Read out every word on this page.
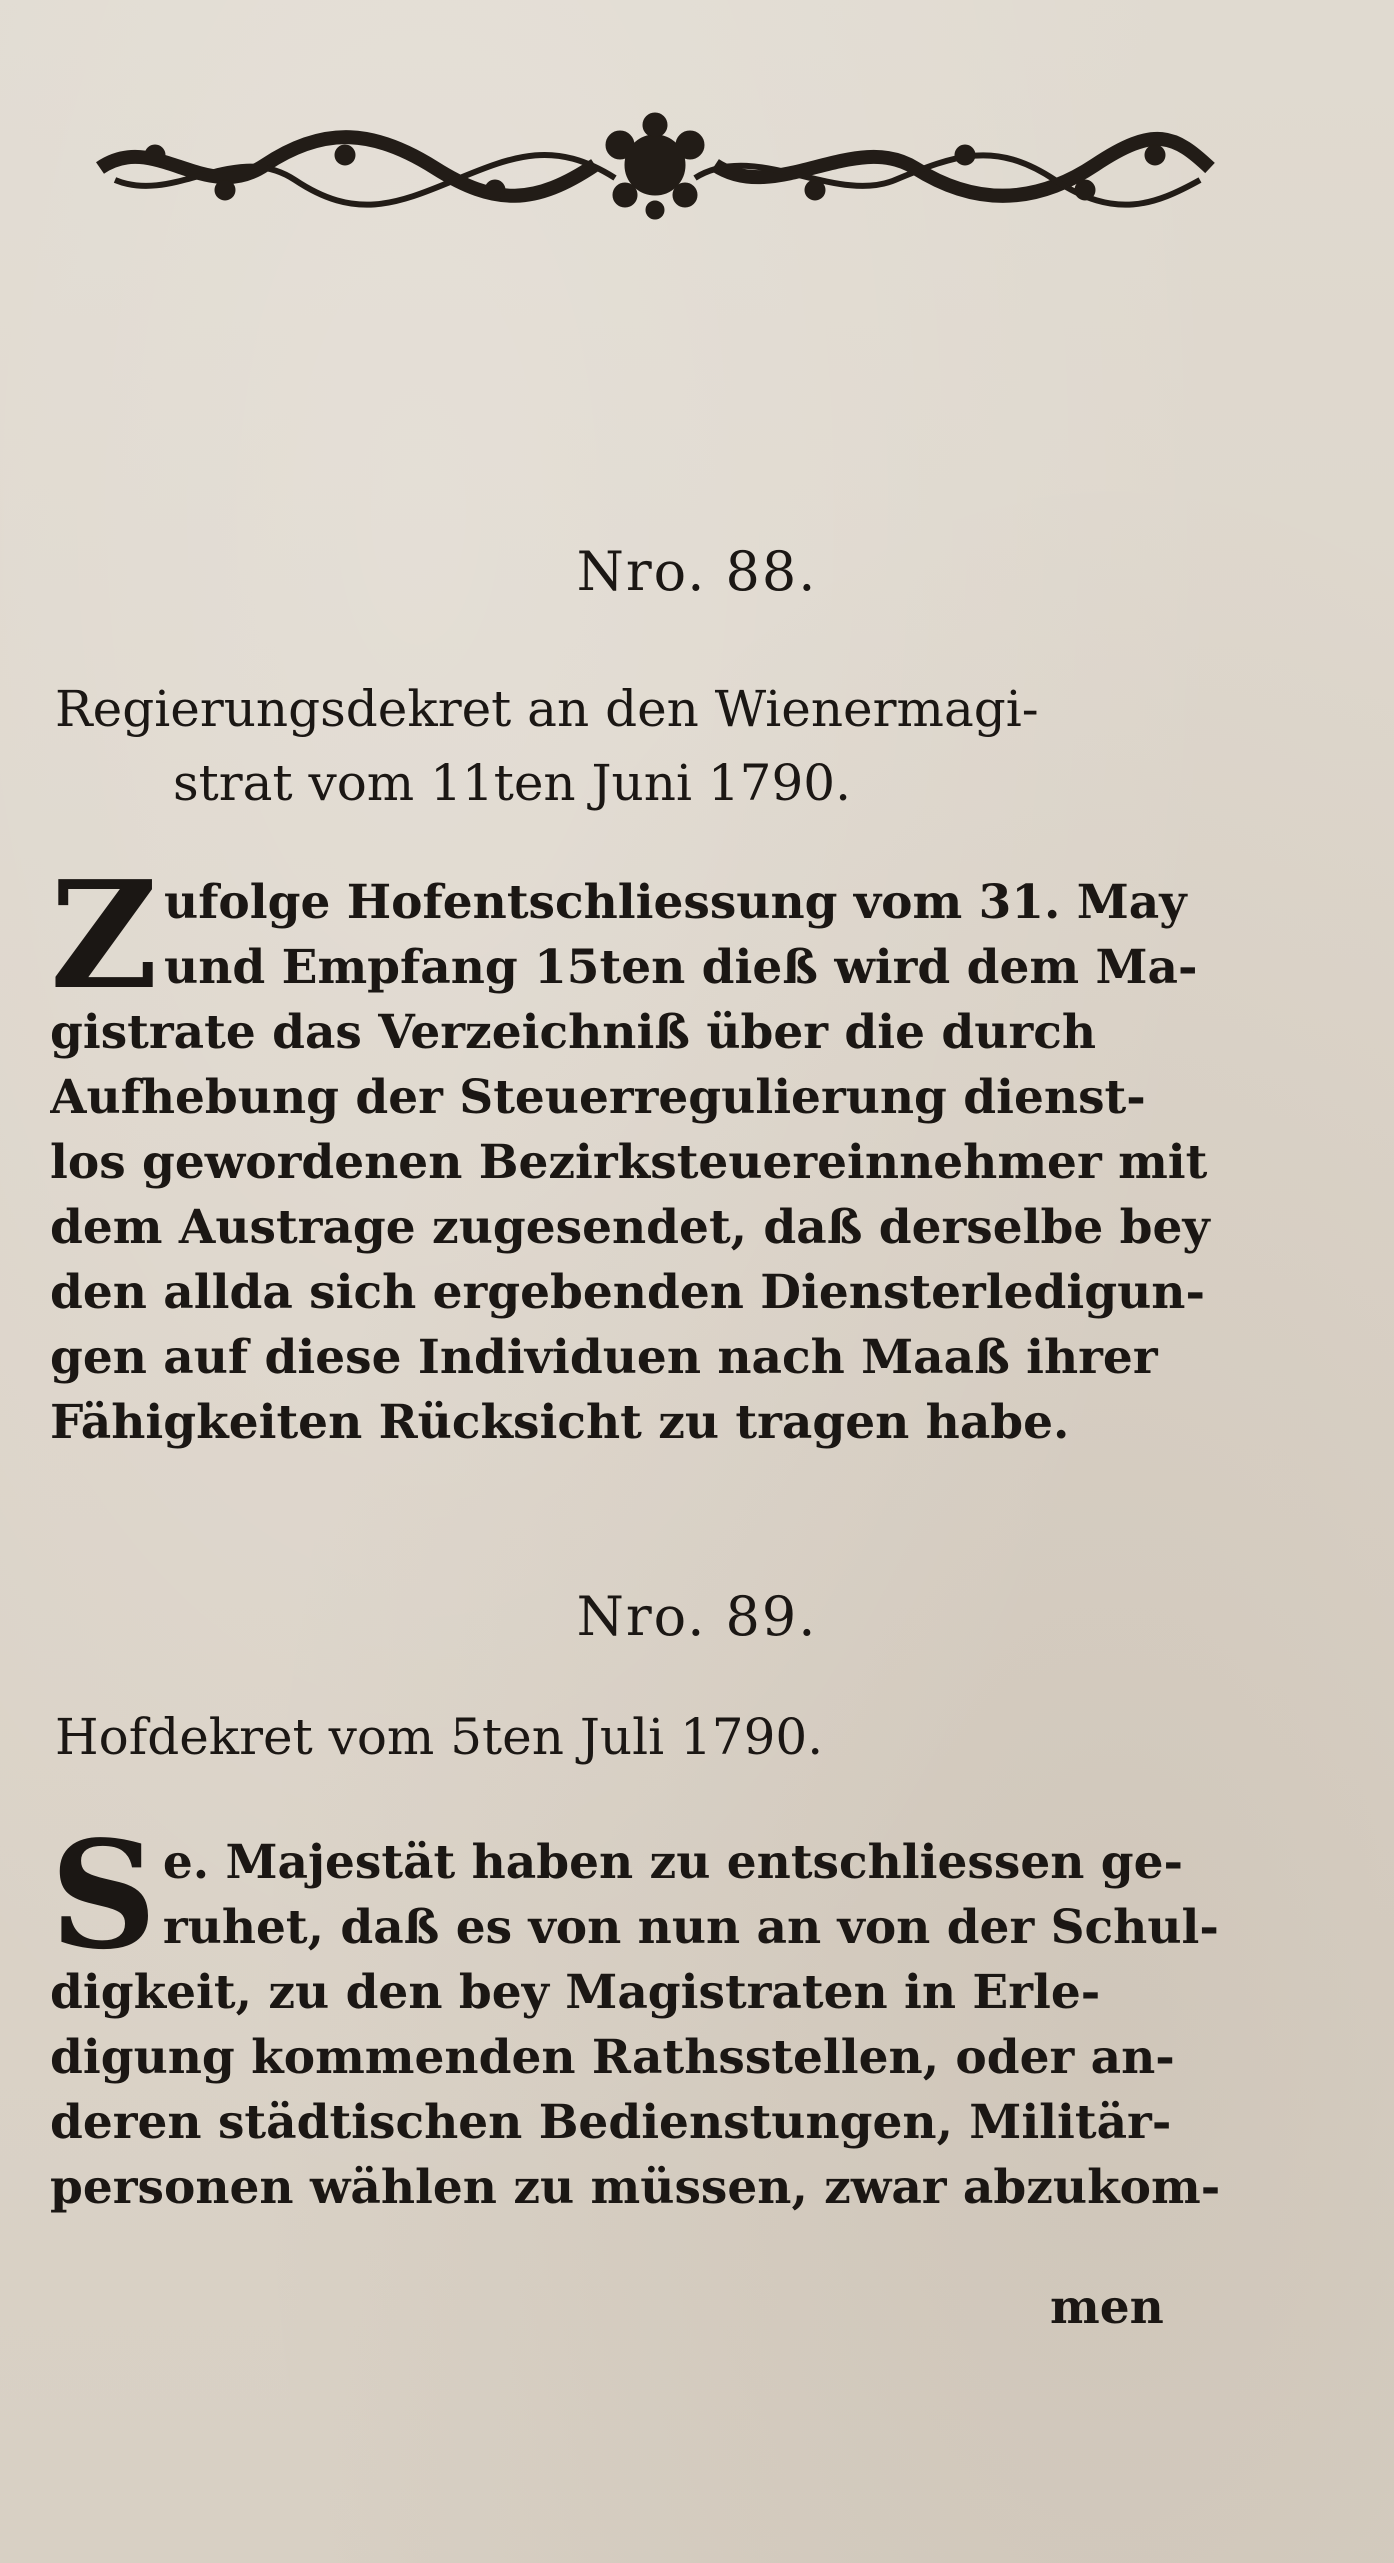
Nro. 88.
Regierungsdekret an den Wienermagi-
strat vom 11ten Juni 1790.
Z ufolge Hofentschliessung vom 31. May
und Empfang 15ten dieß wird dem Ma-
gistrate das Verzeichniß über die durch
Aufhebung der Steuerregulierung dienst-
los gewordenen Bezirksteuereinnehmer mit
dem Austrage zugesendet, daß derselbe bey
den allda sich ergebenden Diensterledigun-
gen auf diese Individuen nach Maaß ihrer
Fähigkeiten Rücksicht zu tragen habe.
Nro. 89.
Hofdekret vom 5ten Juli 1790.
S e. Majestät haben zu entschliessen ge-
ruhet, daß es von nun an von der Schul-
digkeit, zu den bey Magistraten in Erle-
digung kommenden Rathsstellen, oder an-
deren städtischen Bedienstungen, Militär-
personen wählen zu müssen, zwar abzukom-
men
